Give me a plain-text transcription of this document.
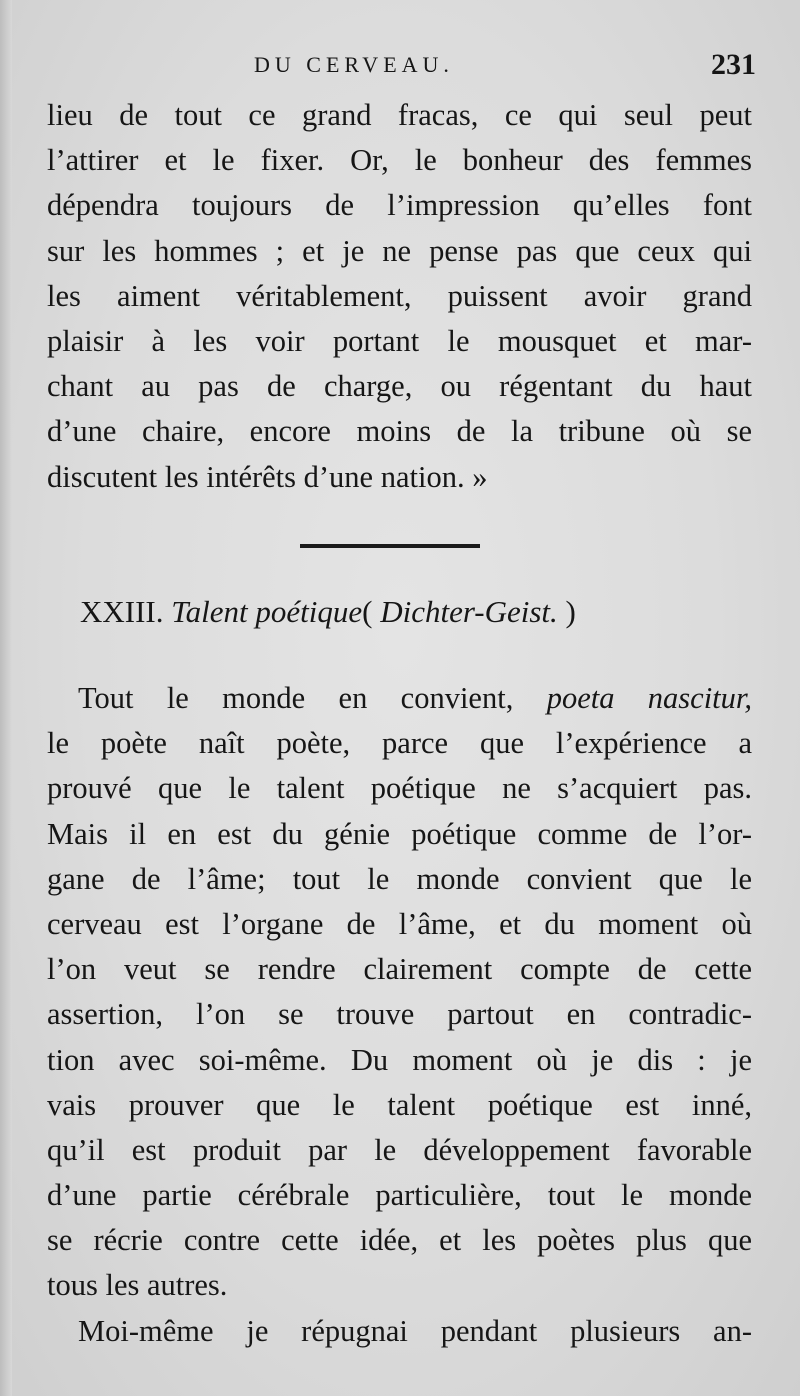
DU CERVEAU.	231
lieu de tout ce grand fracas, ce qui seul peut
l’attirer et le fixer. Or, le bonheur des femmes
dépendra toujours de l’impression qu’elles font
sur les hommes ; et je ne pense pas que ceux qui
les aiment véritablement, puissent avoir grand
plaisir à les voir portant le mousquet et mar-
chant au pas de charge, ou régentant du haut
d’une chaire, encore moins de la tribune où se
discutent les intérêts d’une nation. »
XXIII. Talent poétique( Dichter-Geist. )
Tout le monde en convient, poeta nascitur,
le poète naît poète, parce que l’expérience a
prouvé que le talent poétique ne s’acquiert pas.
Mais il en est du génie poétique comme de l’or-
gane de l’âme; tout le monde convient que le
cerveau est l’organe de l’âme, et du moment où
l’on veut se rendre clairement compte de cette
assertion, l’on se trouve partout en contradic-
tion avec soi-même. Du moment où je dis : je
vais prouver que le talent poétique est inné,
qu’il est produit par le développement favorable
d’une partie cérébrale particulière, tout le monde
se récrie contre cette idée, et les poètes plus que
tous les autres.
Moi-même je répugnai pendant plusieurs an-
